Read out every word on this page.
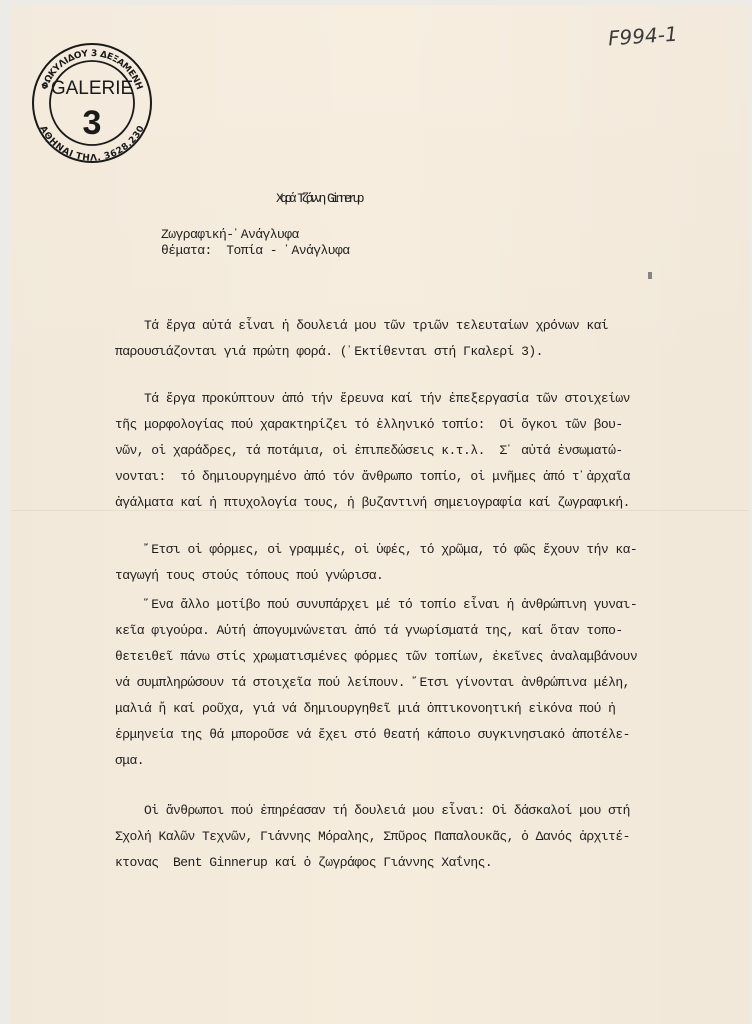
ΦΩΚΥΛΙΔΟΥ 3 ΔΕΞΑΜΕΝΗ
ΑΘΗΝΑΙ ΤΗΛ. 3628.230
GALERIE
3
F994-1
Χαρά Τζάννη Ginnerup
Ζωγραφική-᾿Ανάγλυφα
θέματα:  Τοπία - ᾿Ανάγλυφα
Τά ἔργα αὐτά εἶναι ἡ δουλειά μου τῶν τριῶν τελευταίων χρόνων καί
παρουσιάζονται γιά πρώτη φορά. (᾿Εκτίθενται στή Γκαλερί 3).
Τά ἔργα προκύπτουν ἀπό τήν ἔρευνα καί τήν ἐπεξεργασία τῶν στοιχείων
τῆς μορφολογίας πού χαρακτηρίζει τό ἑλληνικό τοπίο:  Οἱ ὄγκοι τῶν βου-
νῶν, οἱ χαράδρες, τά ποτάμια, οἱ ἐπιπεδώσεις κ.τ.λ.  Σ᾿ αὐτά ἐνσωματώ-
νονται:  τό δημιουργημένο ἀπό τόν ἄνθρωπο τοπίο, οἱ μνῆμες ἀπό τ᾿ἀρχαῖα
ἀγάλματα καί ἡ πτυχολογία τους, ἡ βυζαντινή σημειογραφία καί ζωγραφική.
῎Ετσι οἱ φόρμες, οἱ γραμμές, οἱ ὑφές, τό χρῶμα, τό φῶς ἔχουν τήν κα-
ταγωγή τους στούς τόπους πού γνώρισα.
῞Ενα ἄλλο μοτίβο πού συνυπάρχει μέ τό τοπίο εἶναι ἡ ἀνθρώπινη γυναι-
κεῖα φιγούρα. Αὐτή ἀπογυμνώνεται ἀπό τά γνωρίσματά της, καί ὅταν τοπο-
θετειθεῖ πάνω στίς χρωματισμένες φόρμες τῶν τοπίων, ἐκεῖνες ἀναλαμβάνουν
νά συμπληρώσουν τά στοιχεῖα πού λείπουν. ῎Ετσι γίνονται ἀνθρώπινα μέλη,
μαλιά ἤ καί ροῦχα, γιά νά δημιουργηθεῖ μιά ὀπτικονοητική εἰκόνα πού ἡ
ἑρμηνεία της θά μποροῦσε νά ἔχει στό θεατή κάποιο συγκινησιακό ἀποτέλε-
σμα.
Οἱ ἄνθρωποι πού ἐπηρέασαν τή δουλειά μου εἶναι: Οἱ δάσκαλοί μου στή
Σχολή Καλῶν Τεχνῶν, Γιάννης Μόραλης, Σπῦρος Παπαλουκᾶς, ὁ Δανός ἀρχιτέ-
κτονας  Bent Ginnerup καί ὁ ζωγράφος Γιάννης Χαΐνης.
